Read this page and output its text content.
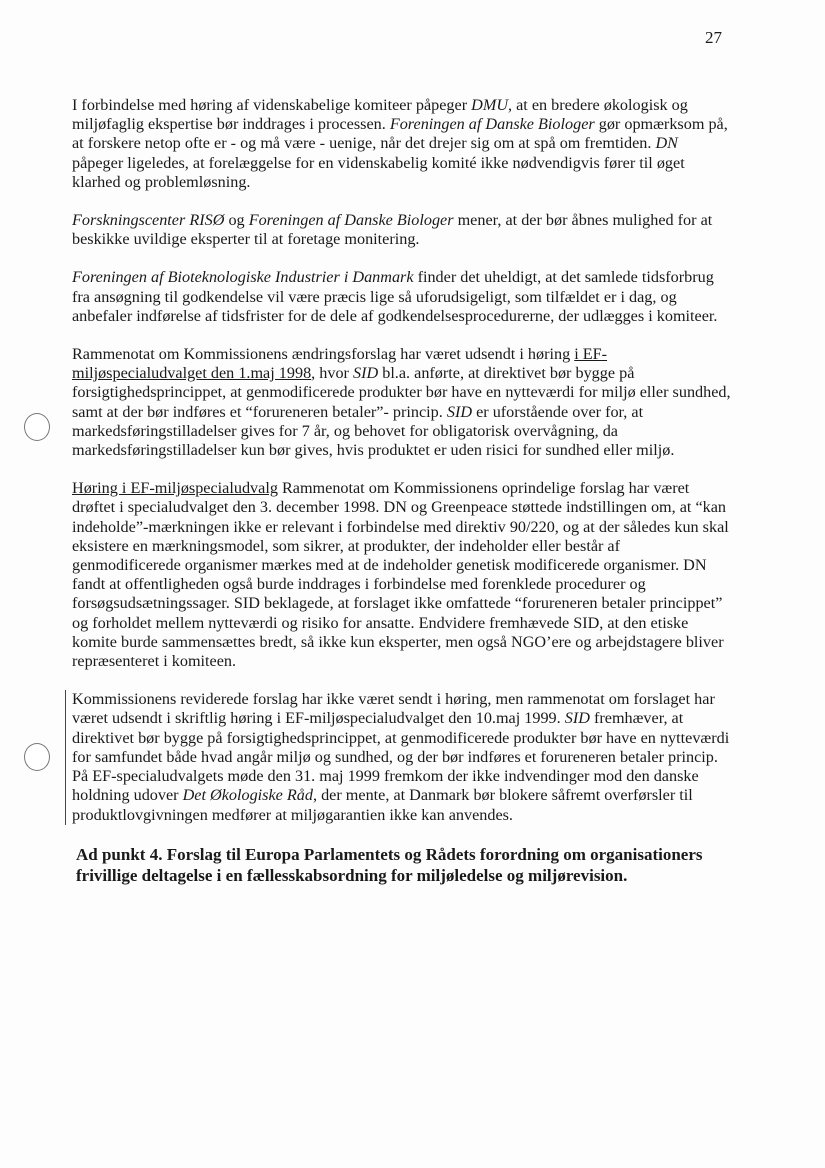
27

I forbindelse med høring af videnskabelige komiteer påpeger DMU, at en bredere økologisk og miljøfaglig ekspertise bør inddrages i processen. Foreningen af Danske Biologer gør opmærksom på, at forskere netop ofte er - og må være - uenige, når det drejer sig om at spå om fremtiden. DN påpeger ligeledes, at forelæggelse for en videnskabelig komité ikke nødvendigvis fører til øget klarhed og problemløsning.

Forskningscenter RISØ og Foreningen af Danske Biologer mener, at der bør åbnes mulighed for at beskikke uvildige eksperter til at foretage monitering.

Foreningen af Bioteknologiske Industrier i Danmark finder det uheldigt, at det samlede tidsforbrug fra ansøgning til godkendelse vil være præcis lige så uforudsigeligt, som tilfældet er i dag, og anbefaler indførelse af tidsfrister for de dele af godkendelsesprocedurerne, der udlægges i komiteer.

Rammenotat om Kommissionens ændringsforslag har været udsendt i høring i EF-miljøspecialudvalget den 1.maj 1998, hvor SID bl.a. anførte, at direktivet bør bygge på forsigtighedsprincippet, at genmodificerede produkter bør have en nytteværdi for miljø eller sundhed, samt at der bør indføres et “forureneren betaler”- princip. SID er uforstående over for, at markedsføringstilladelser gives for 7 år, og behovet for obligatorisk overvågning, da markedsføringstilladelser kun bør gives, hvis produktet er uden risici for sundhed eller miljø.

Høring i EF-miljøspecialudvalg Rammenotat om Kommissionens oprindelige forslag har været drøftet i specialudvalget den 3. december 1998. DN og Greenpeace støttede indstillingen om, at “kan indeholde”-mærkningen ikke er relevant i forbindelse med direktiv 90/220, og at der således kun skal eksistere en mærkningsmodel, som sikrer, at produkter, der indeholder eller består af genmodificerede organismer mærkes med at de indeholder genetisk modificerede organismer. DN fandt at offentligheden også burde inddrages i forbindelse med forenklede procedurer og forsøgsudsætningssager. SID beklagede, at forslaget ikke omfattede “forureneren betaler princippet” og forholdet mellem nytteværdi og risiko for ansatte. Endvidere fremhævede SID, at den etiske komite burde sammensættes bredt, så ikke kun eksperter, men også NGO’ere og arbejdstagere bliver repræsenteret i komiteen.

Kommissionens reviderede forslag har ikke været sendt i høring, men rammenotat om forslaget har været udsendt i skriftlig høring i EF-miljøspecialudvalget den 10.maj 1999. SID fremhæver, at direktivet bør bygge på forsigtighedsprincippet, at genmodificerede produkter bør have en nytteværdi for samfundet både hvad angår miljø og sundhed, og der bør indføres et forureneren betaler princip. På EF-specialudvalgets møde den 31. maj 1999 fremkom der ikke indvendinger mod den danske holdning udover Det Økologiske Råd, der mente, at Danmark bør blokere såfremt overførsler til produktlovgivningen medfører at miljøgarantien ikke kan anvendes.

Ad punkt 4. Forslag til Europa Parlamentets og Rådets forordning om organisationers frivillige deltagelse i en fællesskabsordning for miljøledelse og miljørevision.
